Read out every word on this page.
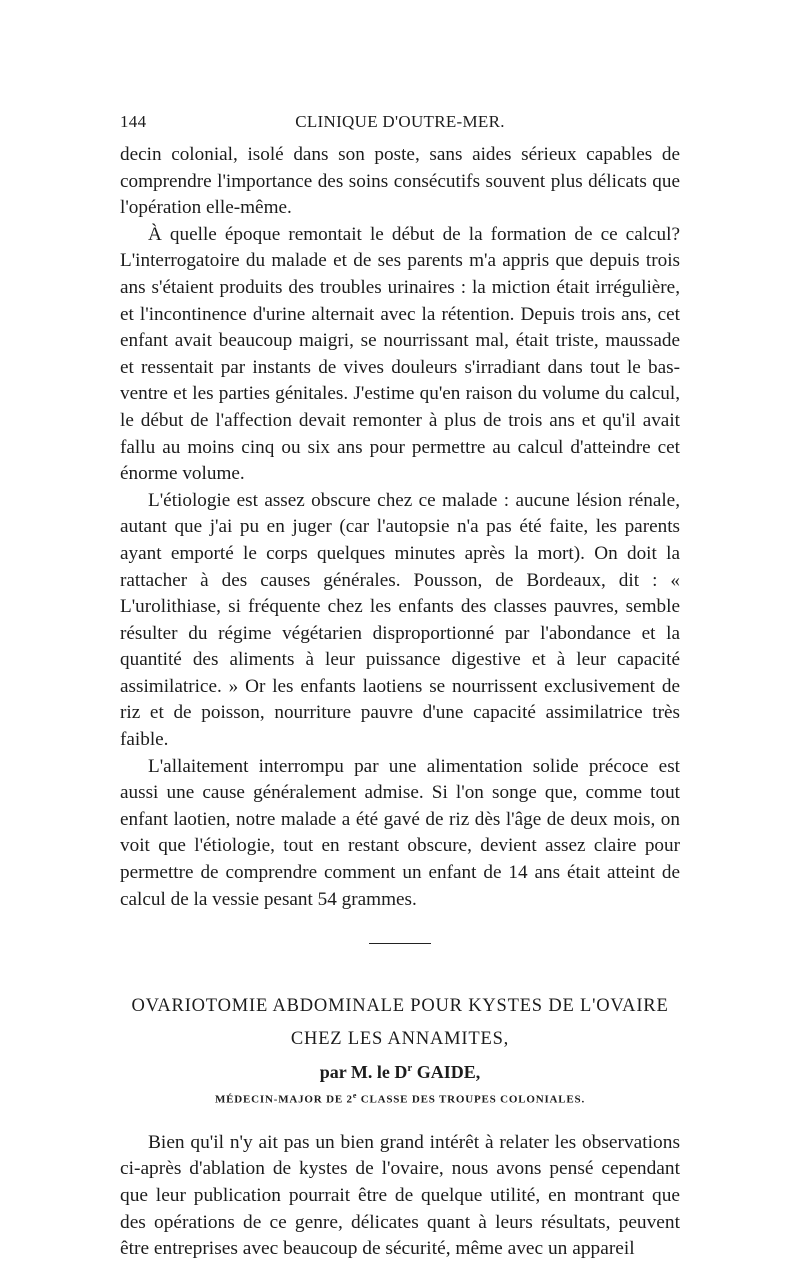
144	CLINIQUE D'OUTRE-MER.

decin colonial, isolé dans son poste, sans aides sérieux capables de comprendre l'importance des soins consécutifs souvent plus délicats que l'opération elle-même.

À quelle époque remontait le début de la formation de ce calcul? L'interrogatoire du malade et de ses parents m'a appris que depuis trois ans s'étaient produits des troubles urinaires : la miction était irrégulière, et l'incontinence d'urine alternait avec la rétention. Depuis trois ans, cet enfant avait beaucoup maigri, se nourrissant mal, était triste, maussade et ressentait par instants de vives douleurs s'irradiant dans tout le bas-ventre et les parties génitales. J'estime qu'en raison du volume du calcul, le début de l'affection devait remonter à plus de trois ans et qu'il avait fallu au moins cinq ou six ans pour permettre au calcul d'atteindre cet énorme volume.

L'étiologie est assez obscure chez ce malade : aucune lésion rénale, autant que j'ai pu en juger (car l'autopsie n'a pas été faite, les parents ayant emporté le corps quelques minutes après la mort). On doit la rattacher à des causes générales. Pousson, de Bordeaux, dit : « L'urolithiase, si fréquente chez les enfants des classes pauvres, semble résulter du régime végétarien disproportionné par l'abondance et la quantité des aliments à leur puissance digestive et à leur capacité assimilatrice. » Or les enfants laotiens se nourrissent exclusivement de riz et de poisson, nourriture pauvre d'une capacité assimilatrice très faible.

L'allaitement interrompu par une alimentation solide précoce est aussi une cause généralement admise. Si l'on songe que, comme tout enfant laotien, notre malade a été gavé de riz dès l'âge de deux mois, on voit que l'étiologie, tout en restant obscure, devient assez claire pour permettre de comprendre comment un enfant de 14 ans était atteint de calcul de la vessie pesant 54 grammes.

OVARIOTOMIE ABDOMINALE POUR KYSTES DE L'OVAIRE

CHEZ LES ANNAMITES,

par M. le $D^r$ GAIDE,
MÉDECIN-MAJOR DE 2e CLASSE DES TROUPES COLONIALES.

Bien qu'il n'y ait pas un bien grand intérêt à relater les observations ci-après d'ablation de kystes de l'ovaire, nous avons pensé cependant que leur publication pourrait être de quelque utilité, en montrant que des opérations de ce genre, délicates quant à leurs résultats, peuvent être entreprises avec beaucoup de sécurité, même avec un appareil
